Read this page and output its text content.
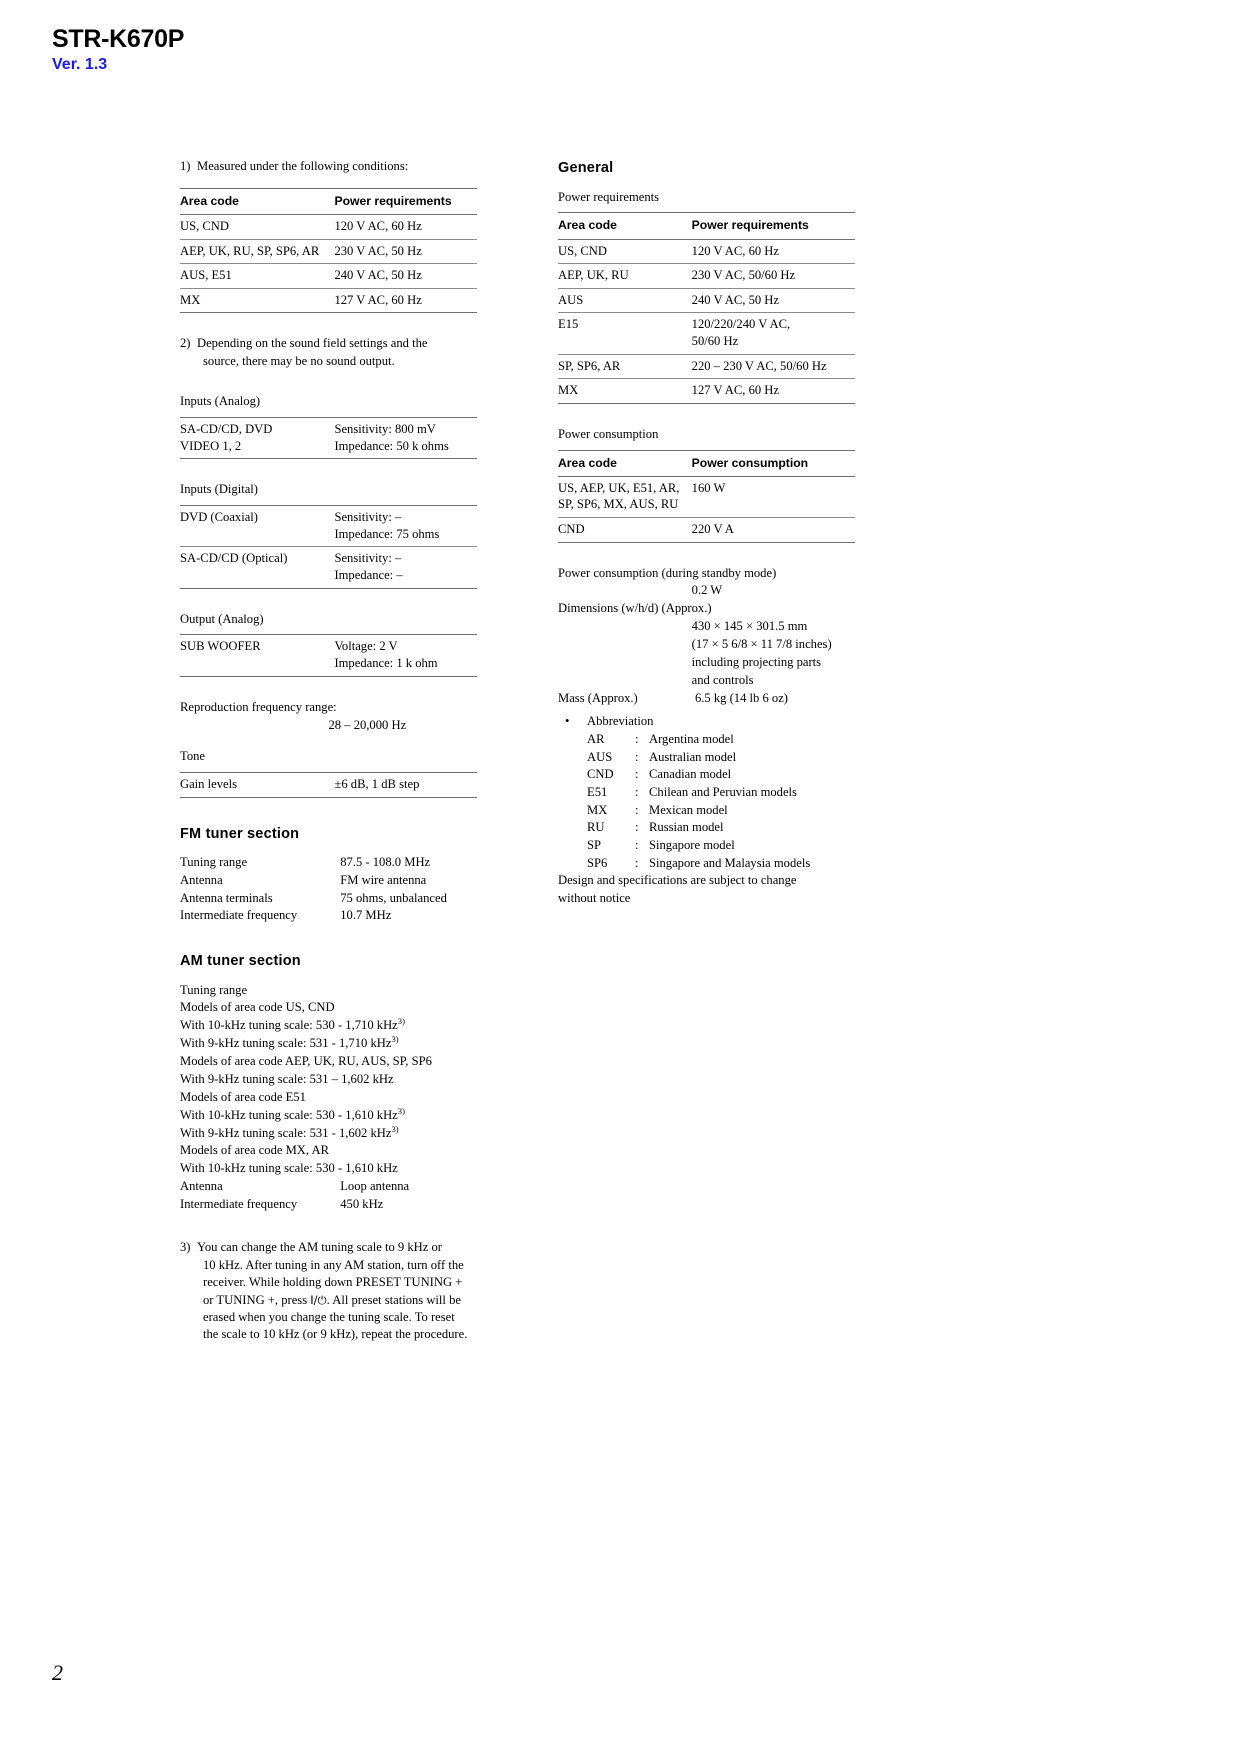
STR-K670P
Ver. 1.3
1) Measured under the following conditions:
Area code	Power requirements
US, CND	120 V AC, 60 Hz
AEP, UK, RU, SP, SP6, AR	230 V AC, 50 Hz
AUS, E51	240 V AC, 50 Hz
MX	127 V AC, 60 Hz
2) Depending on the sound field settings and the
source, there may be no sound output.
Inputs (Analog)
SA-CD/CD, DVD
VIDEO 1, 2	Sensitivity: 800 mV
Impedance: 50 k ohms
Inputs (Digital)
DVD (Coaxial)	Sensitivity: –
Impedance: 75 ohms
SA-CD/CD (Optical)	Sensitivity: –
Impedance: –
Output (Analog)
SUB WOOFER	Voltage: 2 V
Impedance: 1 k ohm
Reproduction frequency range:
28 – 20,000 Hz
Tone
Gain levels	±6 dB, 1 dB step
FM tuner section
Tuning range	87.5 - 108.0 MHz
Antenna	FM wire antenna
Antenna terminals	75 ohms, unbalanced
Intermediate frequency	10.7 MHz
AM tuner section
Tuning range
Models of area code US, CND
With 10-kHz tuning scale: 530 - 1,710 kHz$^{3)}$
With 9-kHz tuning scale: 531 - 1,710 kHz$^{3)}$
Models of area code AEP, UK, RU, AUS, SP, SP6
With 9-kHz tuning scale: 531 – 1,602 kHz
Models of area code E51
With 10-kHz tuning scale: 530 - 1,610 kHz$^{3)}$
With 9-kHz tuning scale: 531 - 1,602 kHz$^{3)}$
Models of area code MX, AR
With 10-kHz tuning scale: 530 - 1,610 kHz
Antenna	Loop antenna
Intermediate frequency	450 kHz
3) You can change the AM tuning scale to 9 kHz or
10 kHz. After tuning in any AM station, turn off the
receiver. While holding down PRESET TUNING +
or TUNING +, press I/⏻. All preset stations will be
erased when you change the tuning scale. To reset
the scale to 10 kHz (or 9 kHz), repeat the procedure.
General
Power requirements
Area code	Power requirements
US, CND	120 V AC, 60 Hz
AEP, UK, RU	230 V AC, 50/60 Hz
AUS	240 V AC, 50 Hz
E15	120/220/240 V AC,
50/60 Hz
SP, SP6, AR	220 – 230 V AC, 50/60 Hz
MX	127 V AC, 60 Hz
Power consumption
Area code	Power consumption
US, AEP, UK, E51, AR,
SP, SP6, MX, AUS, RU	160 W
CND	220 V A
Power consumption (during standby mode)
0.2 W
Dimensions (w/h/d) (Approx.)
430 × 145 × 301.5 mm
(17 × 5 6/8 × 11 7/8 inches)
including projecting parts
and controls
Mass (Approx.)	6.5 kg (14 lb 6 oz)
•	Abbreviation
AR	: Argentina model
AUS	: Australian model
CND	: Canadian model
E51	: Chilean and Peruvian models
MX	: Mexican model
RU	: Russian model
SP	: Singapore model
SP6	: Singapore and Malaysia models
Design and specifications are subject to change
without notice
2
